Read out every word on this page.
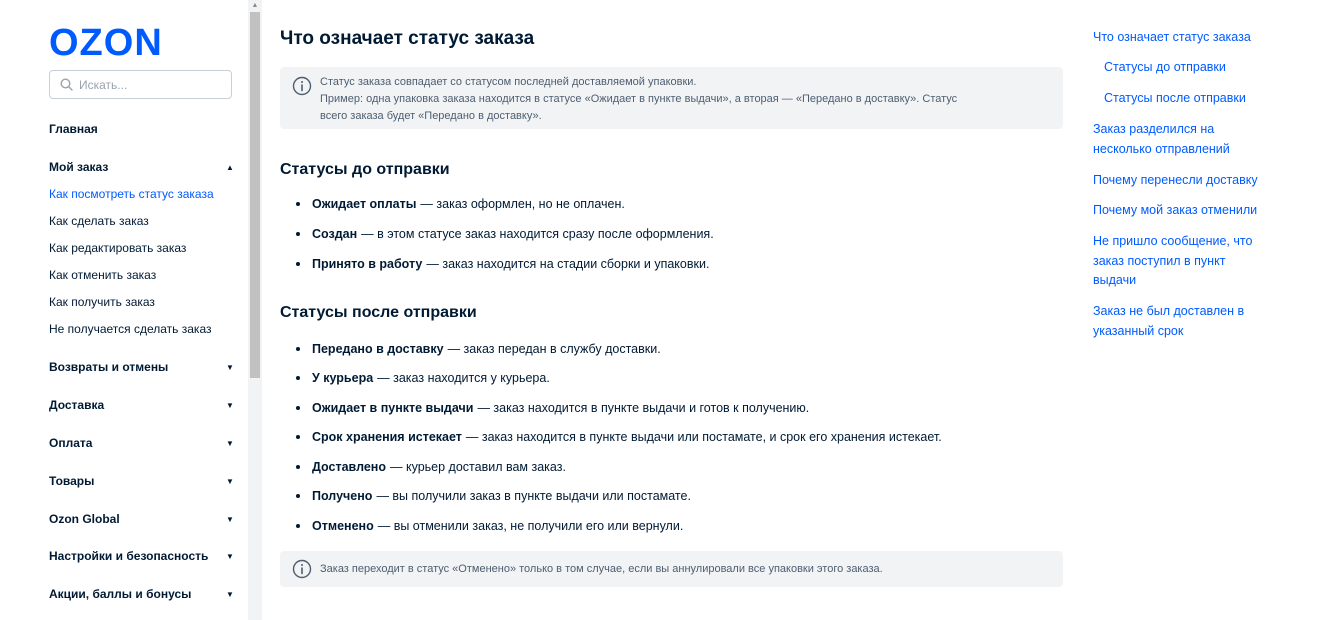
OZON
Искать...
Главная
Мой заказ	▲
Как посмотреть статус заказа
Как сделать заказ
Как редактировать заказ
Как отменить заказ
Как получить заказ
Не получается сделать заказ
Возвраты и отмены	▼
Доставка	▼
Оплата	▼
Товары	▼
Ozon Global	▼
Настройки и безопасность ▼
Акции, баллы и бонусы	▼
▲
Что означает статус заказа
Статус заказа совпадает со статусом последней доставляемой упаковки.
Пример: одна упаковка заказа находится в статусе «Ожидает в пункте выдачи», а вторая — «Передано в доставку». Статус
всего заказа будет «Передано в доставку».
Статусы до отправки
Ожидает оплаты — заказ оформлен, но не оплачен.
Создан — в этом статусе заказ находится сразу после оформления.
Принято в работу — заказ находится на стадии сборки и упаковки.
Статусы после отправки
Передано в доставку — заказ передан в службу доставки.
У курьера — заказ находится у курьера.
Ожидает в пункте выдачи — заказ находится в пункте выдачи и готов к получению.
Срок хранения истекает — заказ находится в пункте выдачи или постамате, и срок его хранения истекает.
Доставлено — курьер доставил вам заказ.
Получено — вы получили заказ в пункте выдачи или постамате.
Отменено — вы отменили заказ, не получили его или вернули.
Заказ переходит в статус «Отменено» только в том случае, если вы аннулировали все упаковки этого заказа.
Что означает статус заказа
Статусы до отправки
Статусы после отправки
Заказ разделился на
несколько отправлений
Почему перенесли доставку
Почему мой заказ отменили
Не пришло сообщение, что
заказ поступил в пункт
выдачи
Заказ не был доставлен в
указанный срок
